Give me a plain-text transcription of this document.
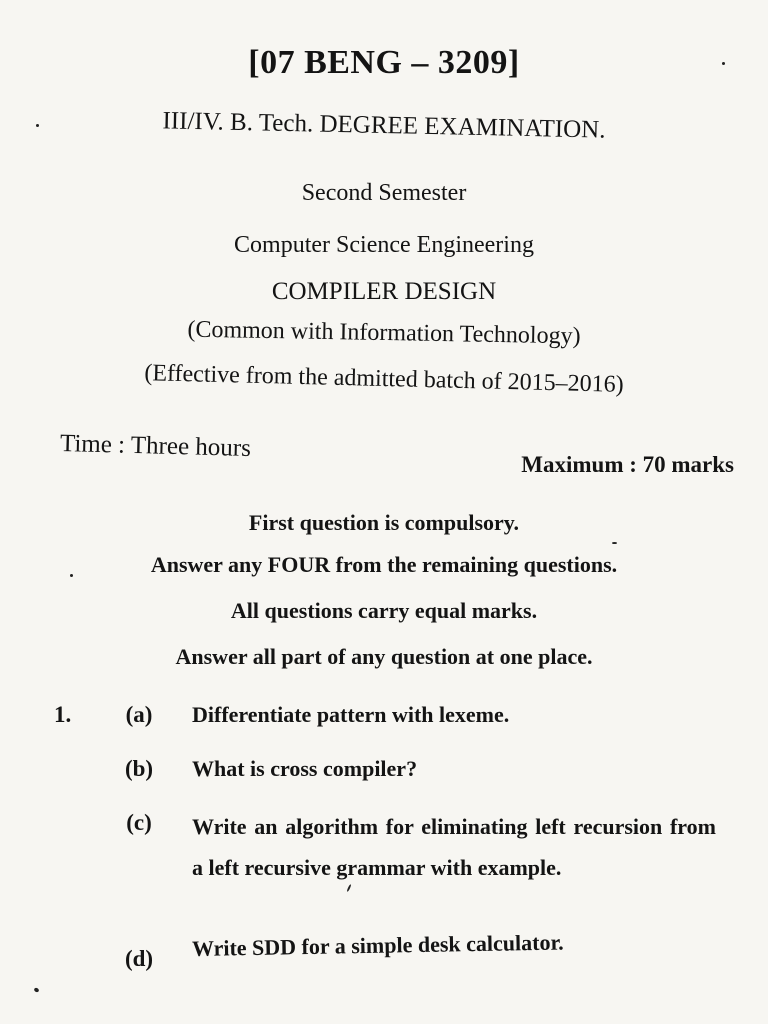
[07 BENG – 3209]
III/IV. B. Tech. DEGREE EXAMINATION.
Second Semester
Computer Science Engineering
COMPILER DESIGN
(Common with Information Technology)
(Effective from the admitted batch of 2015–2016)
Time : Three hours
Maximum : 70 marks
First question is compulsory.
Answer any FOUR from the remaining questions.
All questions carry equal marks.
Answer all part of any question at one place.
1.	(a)	Differentiate pattern with lexeme.
(b)	What is cross compiler?
(c)	Write an algorithm for eliminating left recursion from a left recursive grammar with example.
(d)	Write SDD for a simple desk calculator.
